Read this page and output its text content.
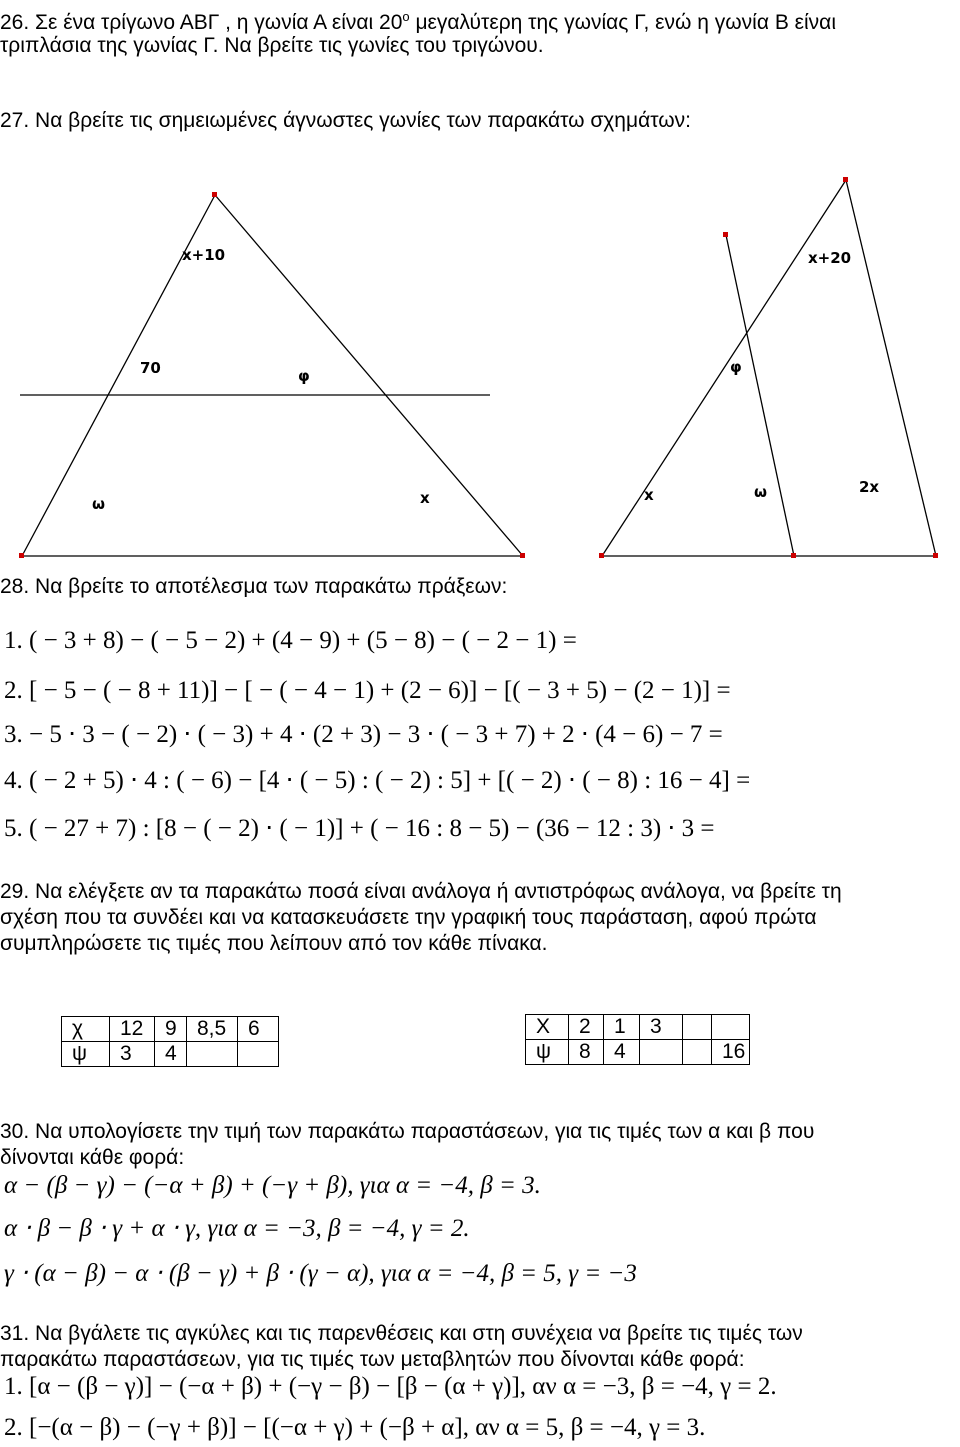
26. Σε ένα τρίγωνο ΑΒΓ , η γωνία Α είναι $20^o$ μεγαλύτερη της γωνίας Γ, ενώ η γωνία Β είναι
τριπλάσια της γωνίας Γ. Να βρείτε τις γωνίες του τριγώνου.
27. Να βρείτε τις σημειωμένες άγνωστες γωνίες των παρακάτω σχημάτων:
x+10
70	φ
ω	x
x+20
φ
x	ω	2x
28. Να βρείτε το αποτέλεσμα των παρακάτω πράξεων:
1. ( − 3 + 8) − ( − 5 − 2) + (4 − 9) + (5 − 8) − ( − 2 − 1) =
2. [ − 5 − ( − 8 + 11)] − [ − ( − 4 − 1) + (2 − 6)] − [( − 3 + 5) − (2 − 1)] =
3. − 5 ⋅ 3 − ( − 2) ⋅ ( − 3) + 4 ⋅ (2 + 3) − 3 ⋅ ( − 3 + 7) + 2 ⋅ (4 − 6) − 7 =
4. ( − 2 + 5) ⋅ 4 : ( − 6) − [4 ⋅ ( − 5) : ( − 2) : 5] + [( − 2) ⋅ ( − 8) : 16 − 4] =
5. ( − 27 + 7) : [8 − ( − 2) ⋅ ( − 1)] + ( − 16 : 8 − 5) − (36 − 12 : 3) ⋅ 3 =
29. Να ελέγξετε αν τα παρακάτω ποσά είναι ανάλογα ή αντιστρόφως ανάλογα, να βρείτε τη
σχέση που τα συνδέει και να κατασκευάσετε την γραφική τους παράσταση, αφού πρώτα
συμπληρώσετε τις τιμές που λείπουν από τον κάθε πίνακα.
χ	12	9	8,5	6
ψ	3	4		
Χ	2	1	3		
ψ	8	4			16
30. Να υπολογίσετε την τιμή των παρακάτω παραστάσεων, για τις τιμές των α και β που
δίνονται κάθε φορά:
α − (β − γ) − (−α + β) + (−γ + β), για α = −4, β = 3.
α ⋅ β − β ⋅ γ + α ⋅ γ, για α = −3, β = −4, γ = 2.
γ ⋅ (α − β) − α ⋅ (β − γ) + β ⋅ (γ − α), για α = −4, β = 5, γ = −3
31. Να βγάλετε τις αγκύλες και τις παρενθέσεις και στη συνέχεια να βρείτε τις τιμές των
παρακάτω παραστάσεων, για τις τιμές των μεταβλητών που δίνονται κάθε φορά:
1. [α − (β − γ)] − (−α + β) + (−γ − β) − [β − (α + γ)], αν α = −3, β = −4, γ = 2.
2. [−(α − β) − (−γ + β)] − [(−α + γ) + (−β + α], αν α = 5, β = −4, γ = 3.
